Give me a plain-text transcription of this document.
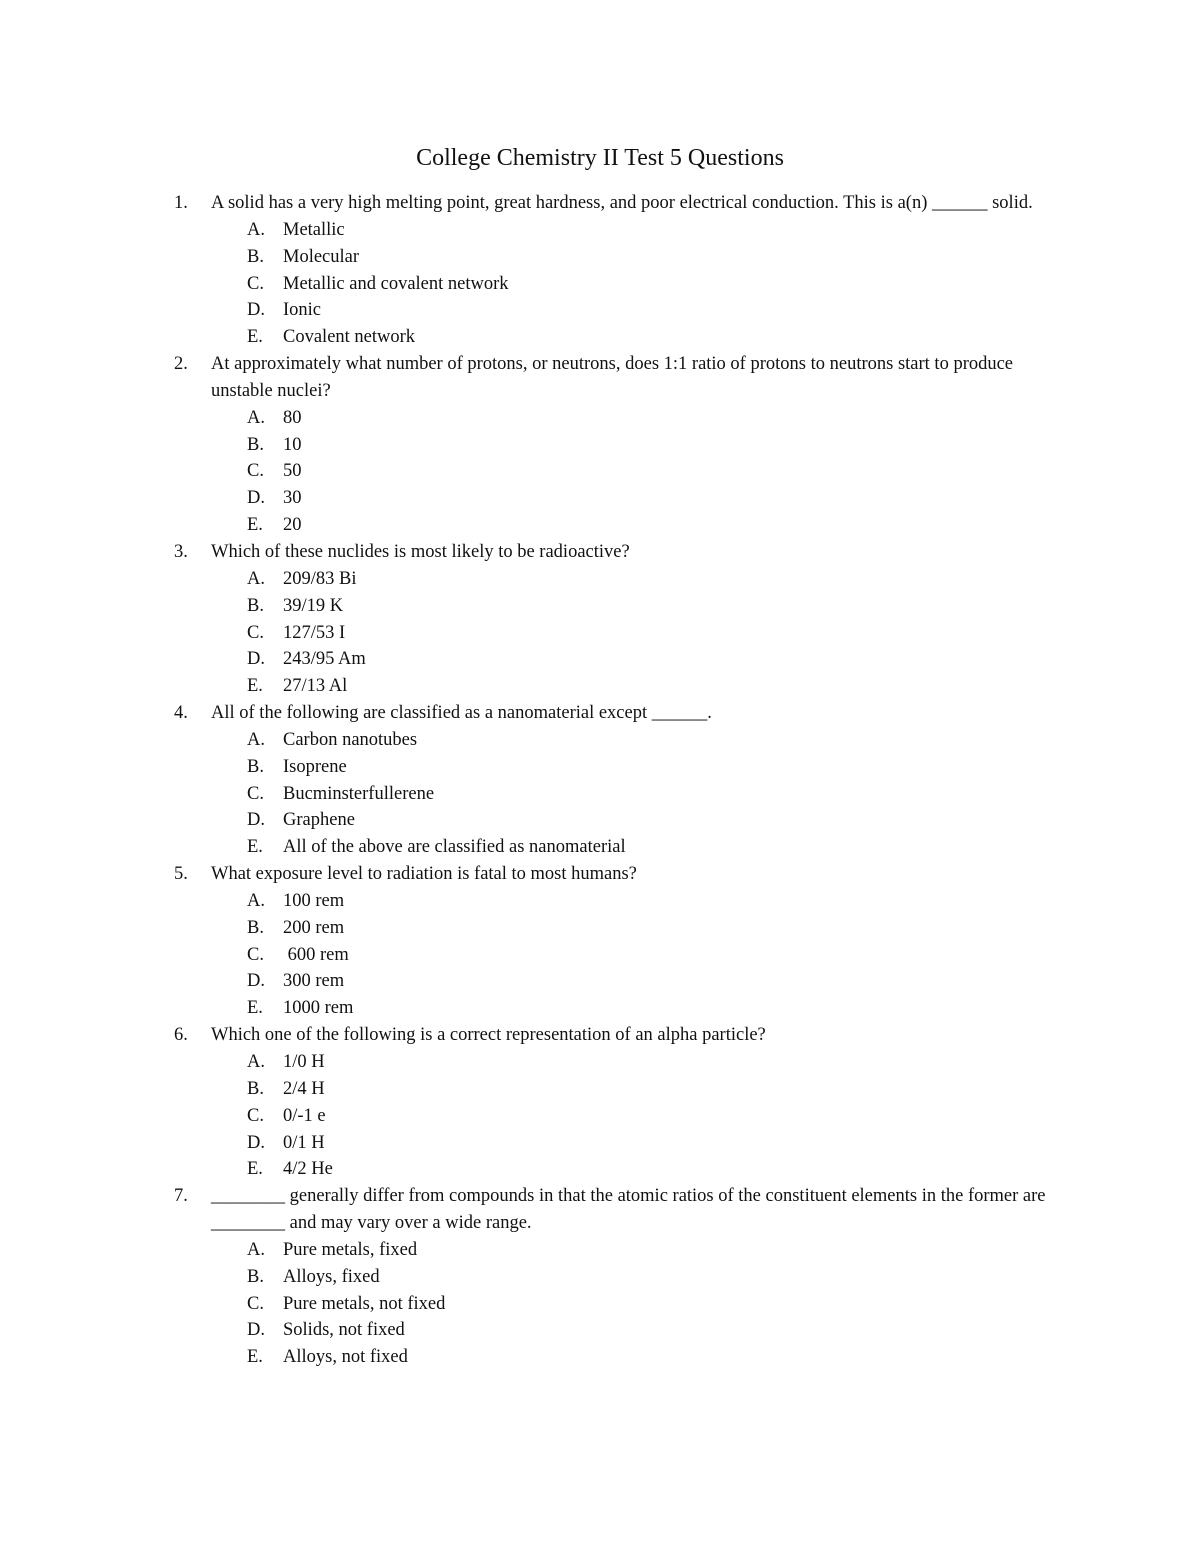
College Chemistry II Test 5 Questions
1. A solid has a very high melting point, great hardness, and poor electrical conduction. This is a(n) ______ solid.
A. Metallic
B. Molecular
C. Metallic and covalent network
D. Ionic
E. Covalent network
2. At approximately what number of protons, or neutrons, does 1:1 ratio of protons to neutrons start to produce unstable nuclei?
A. 80
B. 10
C. 50
D. 30
E. 20
3. Which of these nuclides is most likely to be radioactive?
A. 209/83 Bi
B. 39/19 K
C. 127/53 I
D. 243/95 Am
E. 27/13 Al
4. All of the following are classified as a nanomaterial except ______.
A. Carbon nanotubes
B. Isoprene
C. Bucminsterfullerene
D. Graphene
E. All of the above are classified as nanomaterial
5. What exposure level to radiation is fatal to most humans?
A. 100 rem
B. 200 rem
C. 600 rem
D. 300 rem
E. 1000 rem
6. Which one of the following is a correct representation of an alpha particle?
A. 1/0 H
B. 2/4 H
C. 0/-1 e
D. 0/1 H
E. 4/2 He
7. ________ generally differ from compounds in that the atomic ratios of the constituent elements in the former are ________ and may vary over a wide range.
A. Pure metals, fixed
B. Alloys, fixed
C. Pure metals, not fixed
D. Solids, not fixed
E. Alloys, not fixed
